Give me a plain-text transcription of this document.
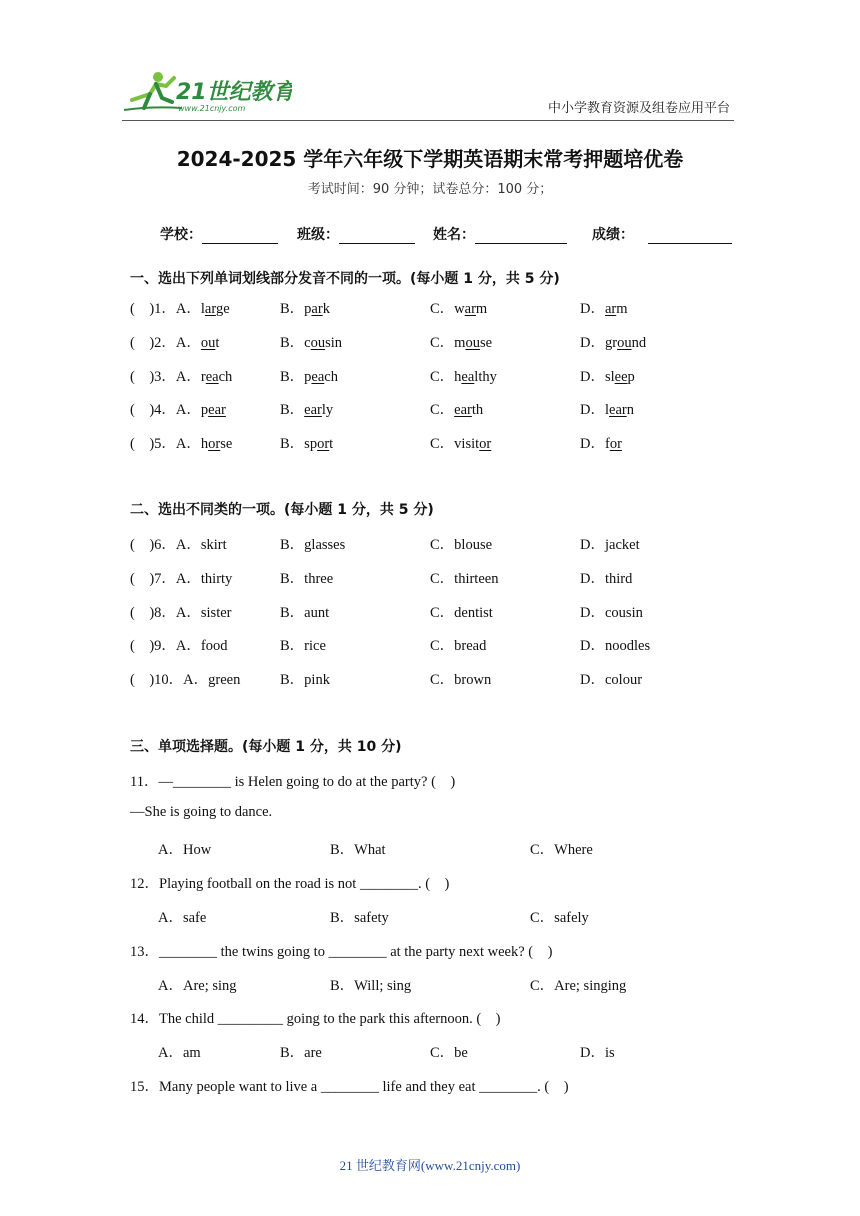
21世纪教育
www.21cnjy.com	中小学教育资源及组卷应用平台
2024-2025 学年六年级下学期英语期末常考押题培优卷
考试时间：90 分钟；试卷总分：100 分；
学校：	班级：	姓名：	成绩：
一、选出下列单词划线部分发音不同的一项。(每小题 1 分，共 5 分)
(　)1．A．large	B．park	C．warm	D．arm
(　)2．A．out	B．cousin	C．mouse	D．ground
(　)3．A．reach	B．peach	C．healthy	D．sleep
(　)4．A．pear	B．early	C．earth	D．learn
(　)5．A．horse	B．sport	C．visitor	D．for
二、选出不同类的一项。(每小题 1 分，共 5 分)
(　)6．A．skirt	B．glasses	C．blouse	D．jacket
(　)7．A．thirty	B．three	C．thirteen	D．third
(　)8．A．sister	B．aunt	C．dentist	D．cousin
(　)9．A．food	B．rice	C．bread	D．noodles
(　)10．A．green	B．pink	C．brown	D．colour
三、单项选择题。(每小题 1 分，共 10 分)
11．—________ is Helen going to do at the party? (　)
—She is going to dance.
A．How	B．What	C．Where
12．Playing football on the road is not ________. (　)
A．safe	B．safety	C．safely
13．________ the twins going to ________ at the party next week? (　)
A．Are; sing	B．Will; sing	C．Are; singing
14．The child _________ going to the park this afternoon. (　)
A．am	B．are	C．be	D．is
15．Many people want to live a ________ life and they eat ________. (　)
21 世纪教育网(www.21cnjy.com)
